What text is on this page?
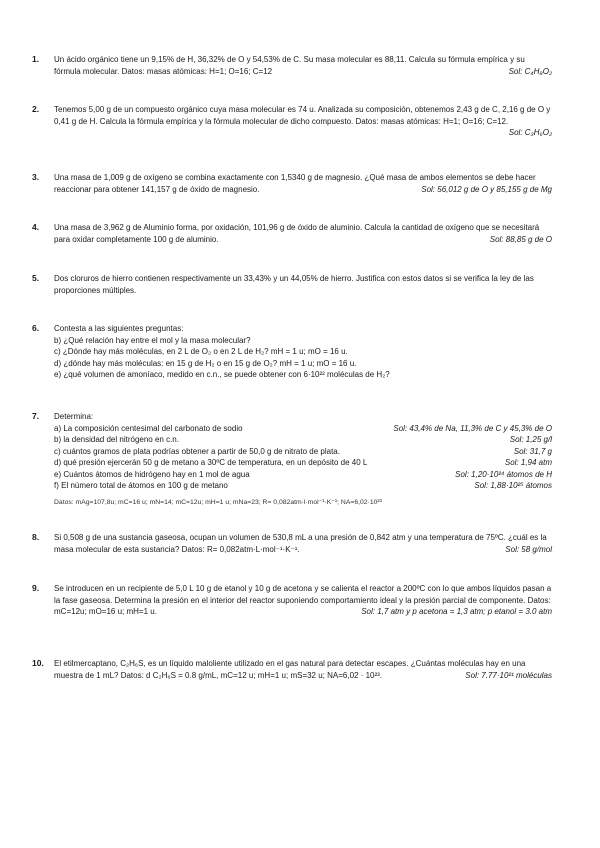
1.	Un ácido orgánico tiene un 9,15% de H, 36,32% de O y 54,53% de C. Su masa molecular es 88,11. Calcula su fórmula empírica y su fórmula molecular. Datos: masas atómicas: H=1; O=16; C=12	Sol: C₄H₈O₂
2.	Tenemos 5,00 g de un compuesto orgánico cuya masa molecular es 74 u. Analizada su composición, obtenemos 2,43 g de C, 2,16 g de O y 0,41 g de H. Calcula la fórmula empírica y la fórmula molecular de dicho compuesto. Datos: masas atómicas: H=1; O=16; C=12.
Sol: C₃H₆O₂
3.	Una masa de 1,009 g de oxígeno se combina exactamente con 1,5340 g de magnesio. ¿Qué masa de ambos elementos se debe hacer reaccionar para obtener 141,157 g de óxido de magnesio.	Sol: 56,012 g de O y 85,155 g de Mg
4.	Una masa de 3,962 g de Aluminio forma, por oxidación, 101,96 g de óxido de aluminio. Calcula la cantidad de oxígeno que se necesitará para oxidar completamente 100 g de aluminio.	Sol: 88,85 g de O
5.	Dos cloruros de hierro contienen respectivamente un 33,43% y un 44,05% de hierro. Justifica con estos datos si se verifica la ley de las proporciones múltiples.
6.	Contesta a las siguientes preguntas:
b) ¿Qué relación hay entre el mol y la masa molecular?
c) ¿Dónde hay más moléculas, en 2 L de O₂ o en 2 L de H₂? mH = 1 u; mO = 16 u.
d) ¿dónde hay más moléculas: en 15 g de H₂ o en 15 g de O₂? mH = 1 u; mO = 16 u.
e) ¿qué volumen de amoníaco, medido en c.n., se puede obtener con 6·10²² moléculas de H₂?
7.	Determina:
a) La composición centesimal del carbonato de sodio	Sol: 43,4% de Na, 11,3% de C y 45,3% de O
b) la densidad del nitrógeno en c.n.	Sol: 1,25 g/l
c) cuántos gramos de plata podrías obtener a partir de 50,0 g de nitrato de plata.	Sol: 31,7 g
d) qué presión ejercerán 50 g de metano a 30ºC de temperatura, en un depósito de 40 L	Sol: 1,94 atm
e) Cuántos átomos de hidrógeno hay en 1 mol de agua	Sol: 1,20·10²⁴ átomos de H
f) El número total de átomos en 100 g de metano	Sol: 1,88·10²⁵ átomos
Datos: mAg=107,8u; mC=16 u; mN=14; mC=12u; mH=1 u; mNa=23; R= 0,082atm·l·mol⁻¹·K⁻¹; NA=6,02·10²³
8.	Si 0,508 g de una sustancia gaseosa, ocupan un volumen de 530,8 mL a una presión de 0,842 atm y una temperatura de 75ºC. ¿cuál es la masa molecular de esta sustancia? Datos: R= 0,082atm·L·mol⁻¹·K⁻¹.	Sol: 58 g/mol
9.	Se introducen en un recipiente de 5,0 L 10 g de etanol y 10 g de acetona y se calienta el reactor a 200ºC con lo que ambos líquidos pasan a la fase gaseosa. Determina la presión en el interior del reactor suponiendo comportamiento ideal y la presión parcial de componente. Datos: mC=12u; mO=16 u; mH=1 u.	Sol: 1,7 atm y p acetona = 1,3 atm; p etanol = 3.0 atm
10.	El etilmercaptano, C₂H₆S, es un líquido maloliente utilizado en el gas natural para detectar escapes. ¿Cuántas moléculas hay en una muestra de 1 mL? Datos: d C₂H₆S = 0.8 g/mL, mC=12 u; mH=1 u; mS=32 u; NA=6,02 · 10²³.	Sol: 7.77·10²¹ moléculas
